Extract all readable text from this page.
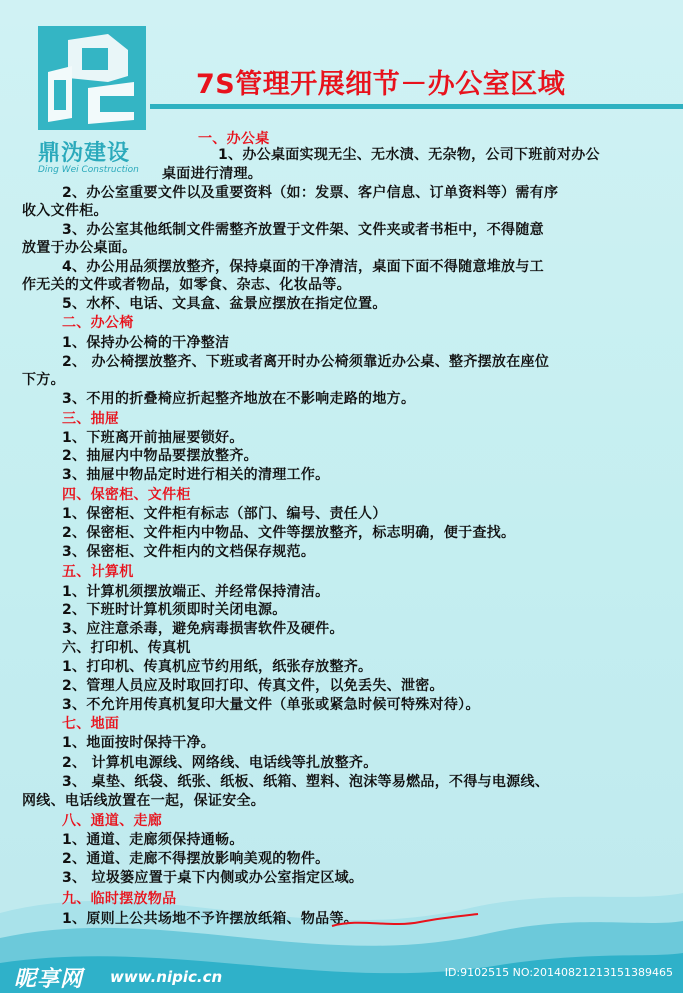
鼎沩建设
Ding Wei Construction
7S管理开展细节－办公室区域
一、办公桌
1、办公桌面实现无尘、无水渍、无杂物，公司下班前对办公
桌面进行清理。
2、办公室重要文件以及重要资料（如：发票、客户信息、订单资料等）需有序
收入文件柜。
3、办公室其他纸制文件需整齐放置于文件架、文件夹或者书柜中，不得随意
放置于办公桌面。
4、办公用品须摆放整齐，保持桌面的干净清洁，桌面下面不得随意堆放与工
作无关的文件或者物品，如零食、杂志、化妆品等。
5、水杯、电话、文具盒、盆景应摆放在指定位置。
二、办公椅
1、保持办公椅的干净整洁
2、 办公椅摆放整齐、下班或者离开时办公椅须靠近办公桌、整齐摆放在座位
下方。
3、不用的折叠椅应折起整齐地放在不影响走路的地方。
三、抽屉
1、下班离开前抽屉要锁好。
2、抽屉内中物品要摆放整齐。
3、抽屉中物品定时进行相关的清理工作。
四、保密柜、文件柜
1、保密柜、文件柜有标志（部门、编号、责任人）
2、保密柜、文件柜内中物品、文件等摆放整齐，标志明确，便于查找。
3、保密柜、文件柜内的文档保存规范。
五、计算机
1、计算机须摆放端正、并经常保持清洁。
2、下班时计算机须即时关闭电源。
3、应注意杀毒，避免病毒损害软件及硬件。
六、打印机、传真机
1、打印机、传真机应节约用纸，纸张存放整齐。
2、管理人员应及时取回打印、传真文件，以免丢失、泄密。
3、不允许用传真机复印大量文件（单张或紧急时候可特殊对待）。
七、地面
1、地面按时保持干净。
2、 计算机电源线、网络线、电话线等扎放整齐。
3、 桌垫、纸袋、纸张、纸板、纸箱、塑料、泡沫等易燃品，不得与电源线、
网线、电话线放置在一起，保证安全。
八、通道、走廊
1、通道、走廊须保持通畅。
2、通道、走廊不得摆放影响美观的物件。
3、 垃圾篓应置于桌下内侧或办公室指定区域。
九、临时摆放物品
1、原则上公共场地不予许摆放纸箱、物品等。
昵享网 www.nipic.cn	ID:9102515 NO:20140821213151389465
